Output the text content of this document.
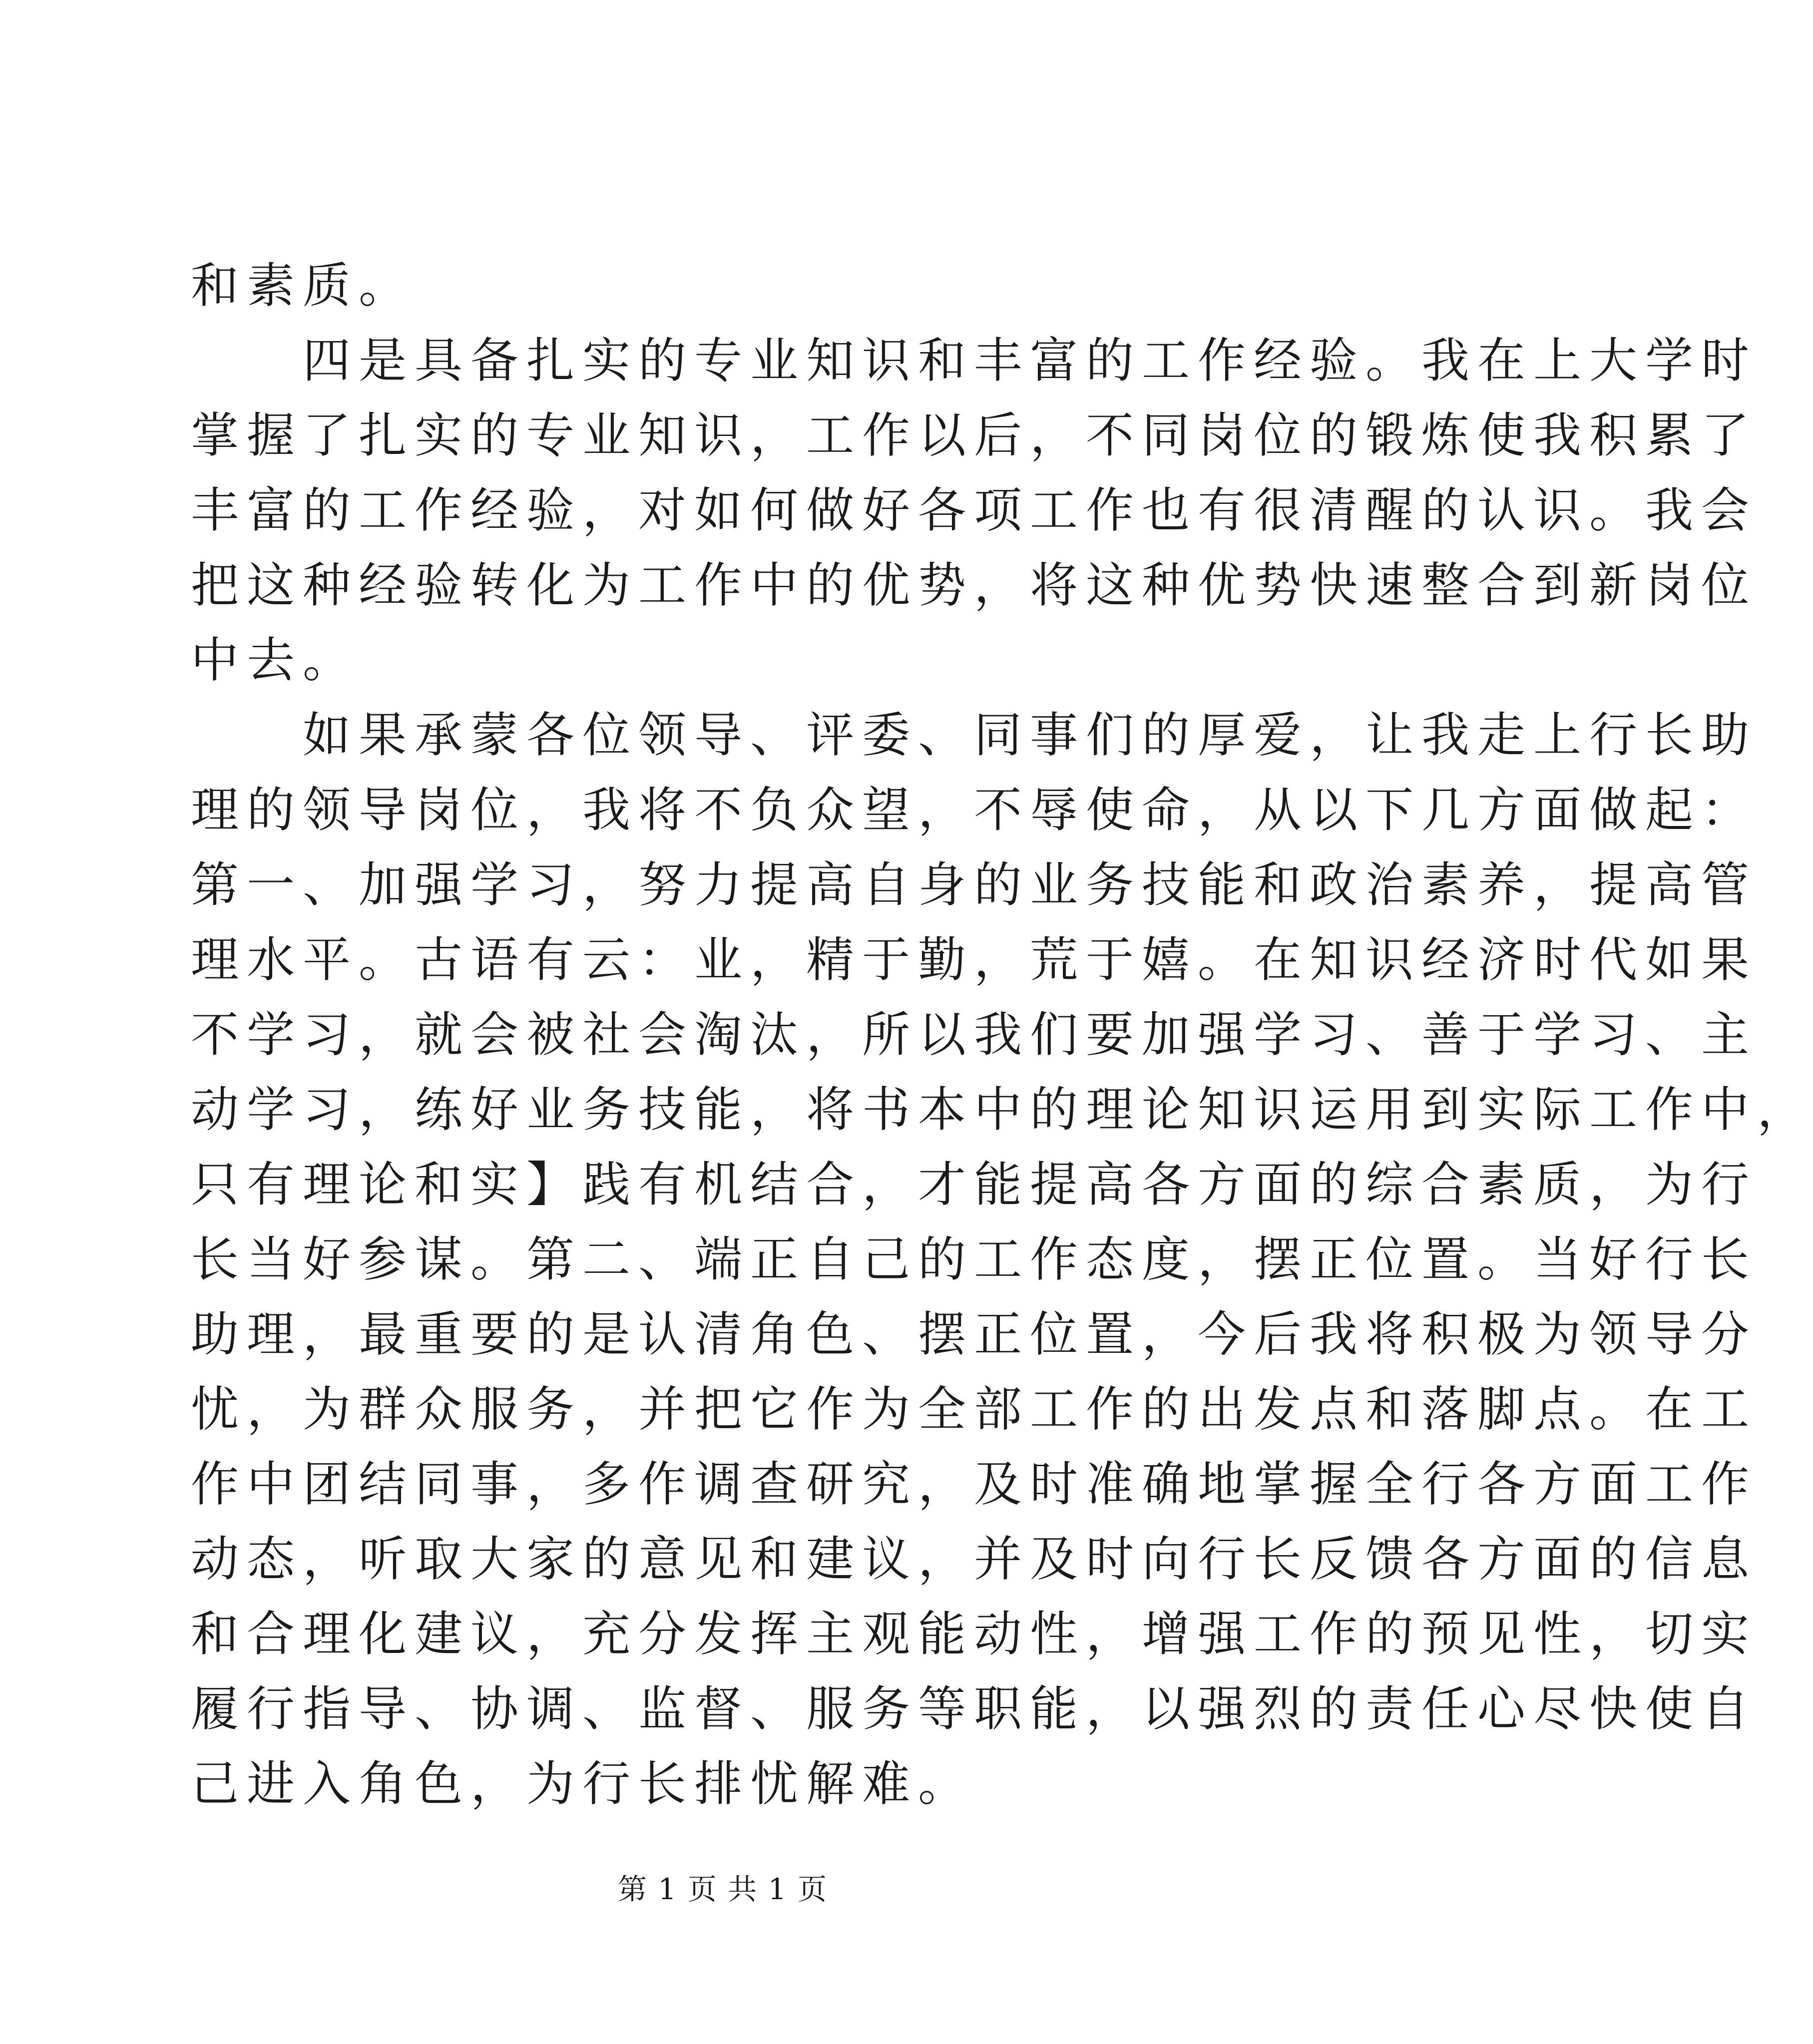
和素质。
　　四是具备扎实的专业知识和丰富的工作经验。我在上大学时
掌握了扎实的专业知识，工作以后，不同岗位的锻炼使我积累了
丰富的工作经验，对如何做好各项工作也有很清醒的认识。我会
把这种经验转化为工作中的优势，将这种优势快速整合到新岗位
中去。
　　如果承蒙各位领导、评委、同事们的厚爱，让我走上行长助
理的领导岗位，我将不负众望，不辱使命，从以下几方面做起：
第一、加强学习，努力提高自身的业务技能和政治素养，提高管
理水平。古语有云：业，精于勤，荒于嬉。在知识经济时代如果
不学习，就会被社会淘汰，所以我们要加强学习、善于学习、主
动学习，练好业务技能，将书本中的理论知识运用到实际工作中，
只有理论和实】践有机结合，才能提高各方面的综合素质，为行
长当好参谋。第二、端正自己的工作态度，摆正位置。当好行长
助理，最重要的是认清角色、摆正位置，今后我将积极为领导分
忧，为群众服务，并把它作为全部工作的出发点和落脚点。在工
作中团结同事，多作调查研究，及时准确地掌握全行各方面工作
动态，听取大家的意见和建议，并及时向行长反馈各方面的信息
和合理化建议，充分发挥主观能动性，增强工作的预见性，切实
履行指导、协调、监督、服务等职能，以强烈的责任心尽快使自
己进入角色，为行长排忧解难。
第 1 页 共 1 页
